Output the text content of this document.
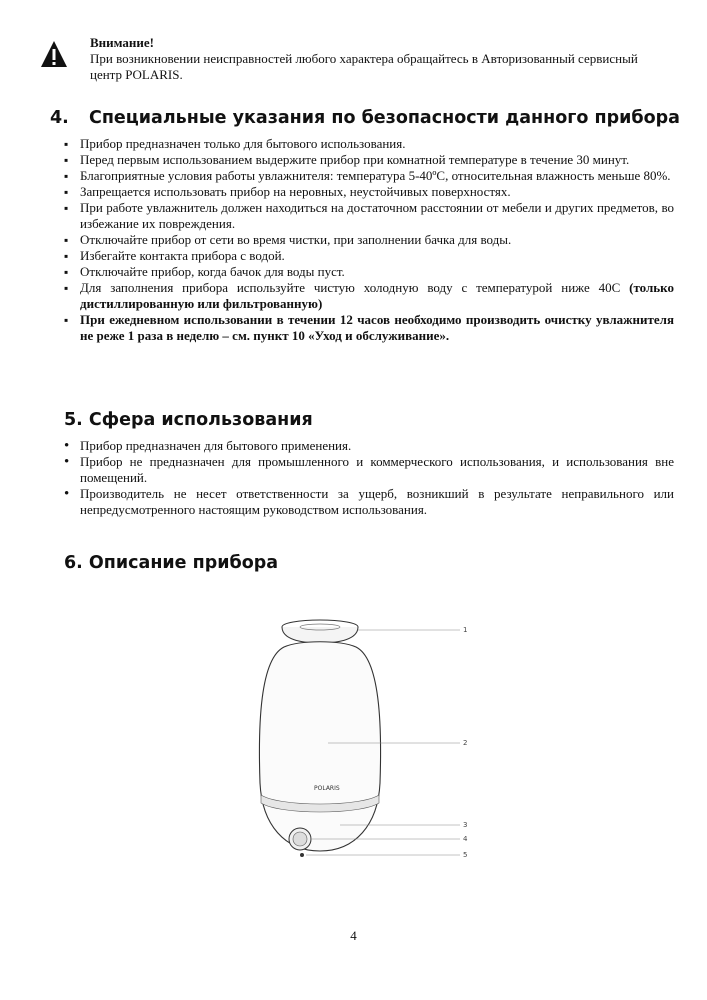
Внимание!
При возникновении неисправностей любого характера обращайтесь в Авторизованный сервисный центр POLARIS.
4. Специальные указания по безопасности данного прибора
▪ Прибор предназначен только для бытового использования.
▪ Перед первым использованием выдержите прибор при комнатной температуре в течение 30 минут.
▪ Благоприятные условия работы увлажнителя: температура 5-40ºС, относительная влажность меньше 80%.
▪ Запрещается использовать прибор на неровных, неустойчивых поверхностях.
▪ При работе увлажнитель должен находиться на достаточном расстоянии от мебели и других предметов, во избежание их повреждения.
▪ Отключайте прибор от сети во время чистки, при заполнении бачка для воды.
▪ Избегайте контакта прибора с водой.
▪ Отключайте прибор, когда бачок для воды пуст.
▪ Для заполнения прибора используйте чистую холодную воду с температурой ниже 40С (только дистиллированную или фильтрованную)
▪ При ежедневном использовании в течении 12 часов необходимо производить очистку увлажнителя не реже 1 раза в неделю – см. пункт 10 «Уход и обслуживание».
5. Сфера использования
• Прибор предназначен для бытового применения.
• Прибор не предназначен для промышленного и коммерческого использования, и использования вне помещений.
• Производитель не несет ответственности за ущерб, возникший в результате неправильного или непредусмотренного настоящим руководством использования.
6. Описание прибора
POLARIS
1
2
3
4
5
4
